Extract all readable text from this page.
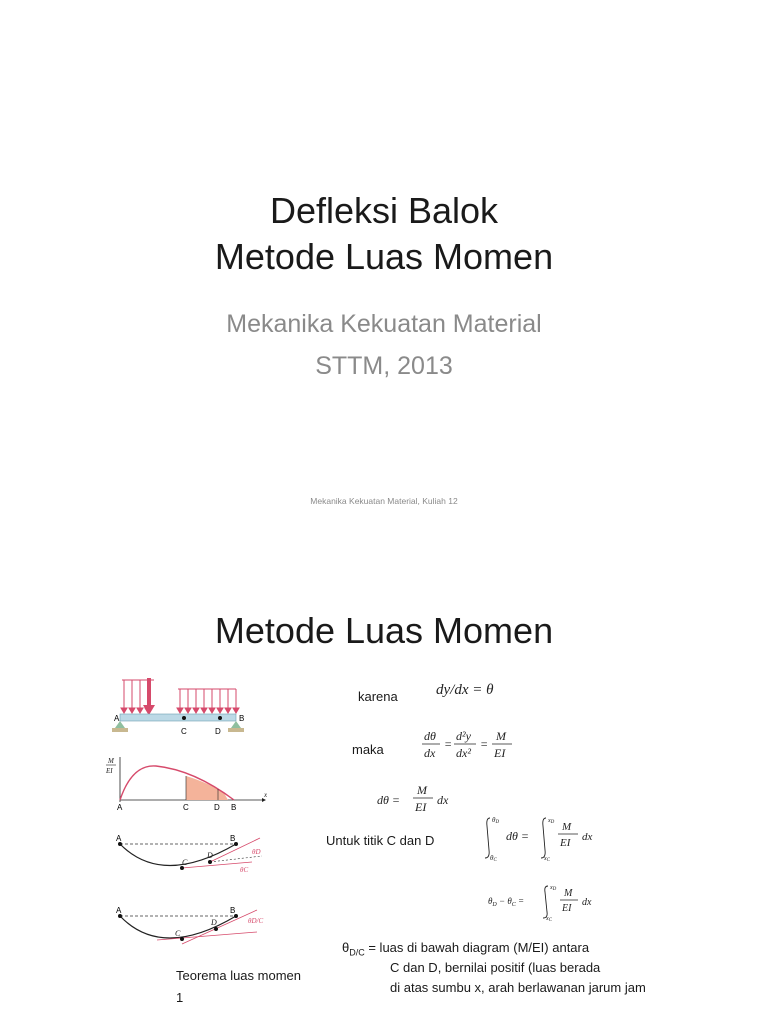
Defleksi Balok
Metode Luas Momen
Mekanika Kekuatan Material
STTM, 2013
Mekanika Kekuatan Material, Kuliah 12
Metode Luas Momen
A	B
C	D
M
EI
A	C	D B
x
A	B
C
D	θD
θC
A	B
C
D	θD/C
karena
maka
Untuk titik C dan D
dy/dx = θ
dθ
dx
=
d²y
dx²
=
M
EI
dθ =
M
EI dx
θD
θC
dθ =
xD
xC
M
EI dx
$\theta_D - \theta_C$ =
xD
xC
M
EI
dx
$\theta_{D/C}$ = luas di bawah diagram (M/EI) antara
C dan D, bernilai positif (luas berada
di atas sumbu x, arah berlawanan jarum jam
Teorema luas momen
1
